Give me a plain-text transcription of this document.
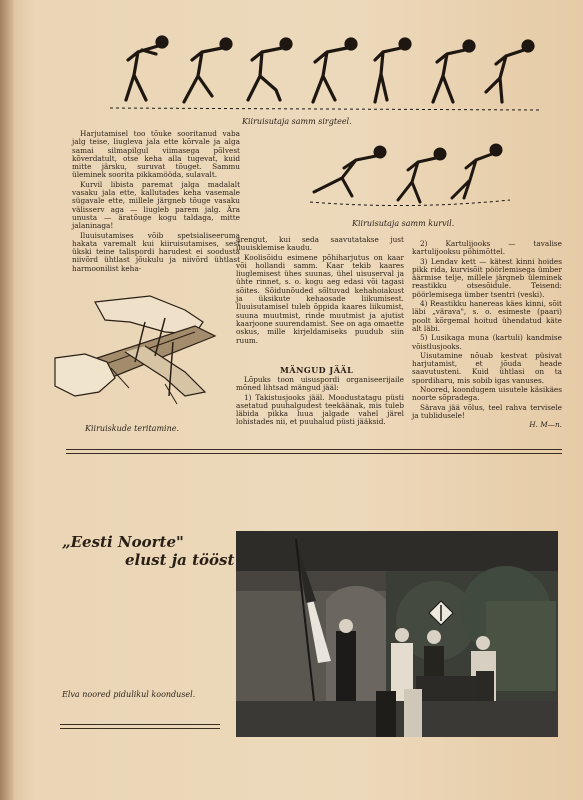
Kiiruisutaja samm sirgteel.
Kiiruisutaja samm kurvil.

Harjutamisel too tõuke sooritanud vaba jalg teise, liugleva jala ette kõrvale ja alga samai silmapilgul viimasega põlvest kõverdatult, otse keha alla tugevat, kuid mitte järsku, suruvat tõuget. Sammu üleminek soorita pikkamööda, sulavalt.

Kurvil libista paremat jalga madalalt vasaku jala ette, kallutades keha vasemale sügavale ette, millele järgneb tõuge vasaku välisserv aga — liugleb parem jalg. Ära unusta — äratõuge kogu taldaga, mitte jalaninaga!

Iluuisutamises võib spetsialiseeruma hakata varemalt kui kiiruisutamises, sest ükski teine talispordi harudest ei soodusta niivõrd ühtlast jõukulu ja niivõrd ühtlast harmoonilist keha-

Kiiruiskude teritamine.

arengut, kui seda saavutatakse just iluuisklemise kaudu.

Koolisõidu esimene põhiharjutus on kaar või hollandi samm. Kaar tekib kaares liuglemisest ühes suunas, ühel uisuserval ja ühte rinnet, s. o. kogu aeg edasi või tagasi sõites. Sõidunõuded sõltuvad kehahoiakust ja üksikute kehaosade liikumisest. Iluuisutamisel tuleb õppida kaares liikumist, suuna muutmist, rinde muutmist ja ajutist kaarjoone suurendamist. See on aga omaette oskus, mille kirjeldamiseks puudub siin ruum.

MÄNGUD JÄÄL

Lõpuks toon uisuspordi organiseerijaile mõned lihtsad mängud jääl:

1) Takistusjooks jääl. Moodustatagu püsti asetatud puuhalgudest teekäänak, mis tuleb läbida pikka luua jalgade vahel järel lohistades nii, et puuhalud püsti jääksid.

2) Kartulijooks — tavalise kartulijooksu põhimõttel.

3) Lendav kett — kätest kinni hoides pikk rida, kurvisõit pöörlemisega ümber äärmise telje, millele järgneb üleminek reastikku otsesõidule. Teisend: pöörlemisega ümber tsentri (veski).

4) Reastikku hanereas käes kinni, sõit läbi „värava", s. o. esimeste (paari) poolt kõrgemal hoitud ühendatud käte alt läbi.

5) Lusikaga muna (kartuli) kandmise võistlusjooks.

Uisutamine nõuab kestvat püsivat harjutamist, et jõuda heade saavutusteni. Kuid ühtlasi on ta spordiharu, mis sobib igas vanuses.

Noored, koondugem uisutele käsikäes noorte sõpradega.

Särava jää võlus, teel rahva tervisele ja tublidusele!

H. M—n.

„Eesti Noorte"
elust ja tööst
Elva noored pidulikul koondusel.
